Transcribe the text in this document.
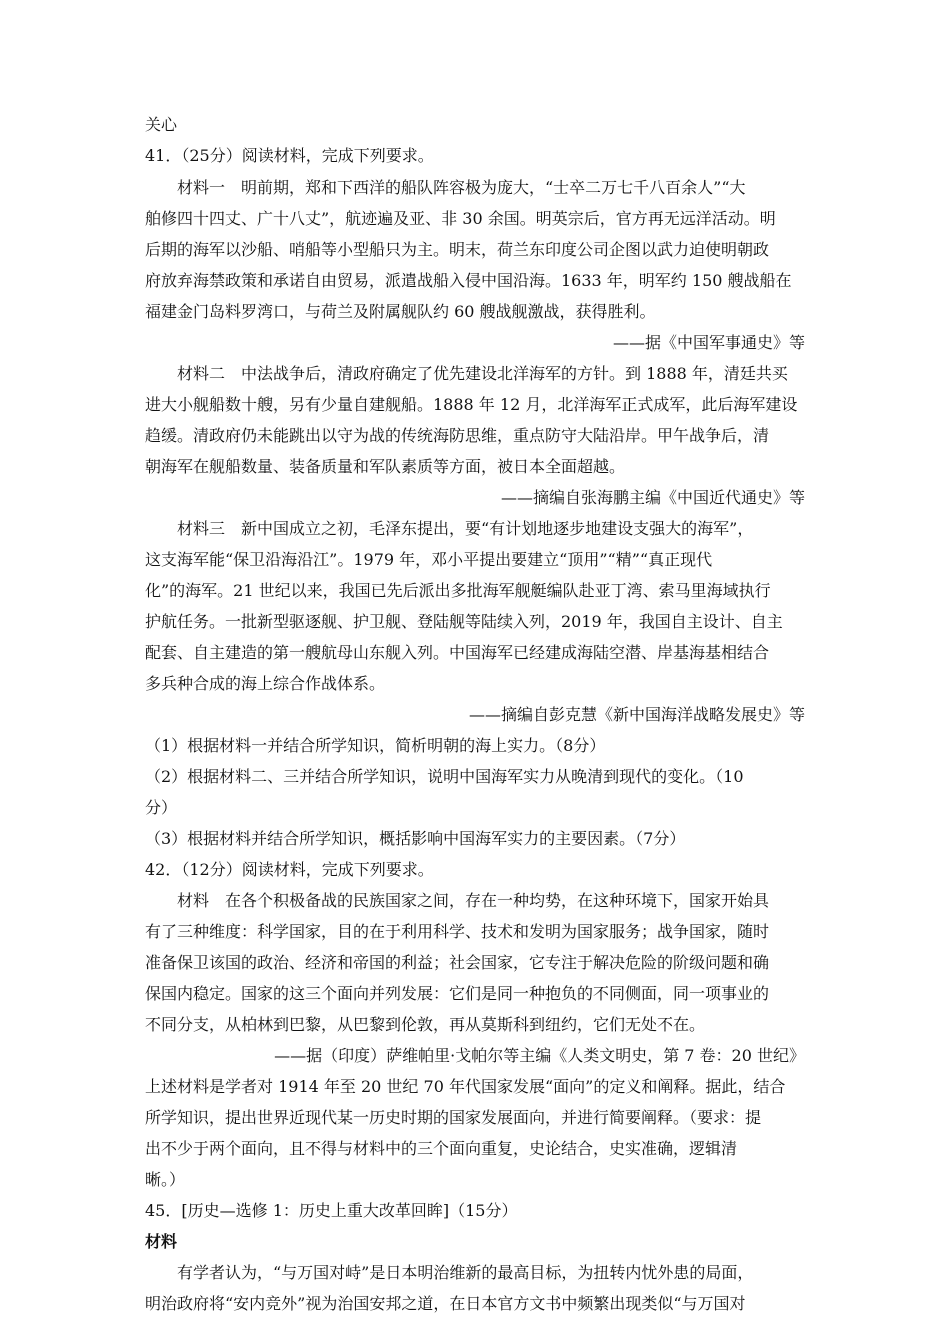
关心
41．（25分）阅读材料，完成下列要求。
材料一　明前期，郑和下西洋的船队阵容极为庞大，“士卒二万七千八百余人”“大
舶修四十四丈、广十八丈”，航迹遍及亚、非 30 余国。明英宗后，官方再无远洋活动。明
后期的海军以沙船、哨船等小型船只为主。明末，荷兰东印度公司企图以武力迫使明朝政
府放弃海禁政策和承诺自由贸易，派遣战船入侵中国沿海。1633 年，明军约 150 艘战船在
福建金门岛料罗湾口，与荷兰及附属舰队约 60 艘战舰激战，获得胜利。
——据《中国军事通史》等
材料二　中法战争后，清政府确定了优先建设北洋海军的方针。到 1888 年，清廷共买
进大小舰船数十艘，另有少量自建舰船。1888 年 12 月，北洋海军正式成军，此后海军建设
趋缓。清政府仍未能跳出以守为战的传统海防思维，重点防守大陆沿岸。甲午战争后，清
朝海军在舰船数量、装备质量和军队素质等方面，被日本全面超越。
——摘编自张海鹏主编《中国近代通史》等
材料三　新中国成立之初，毛泽东提出，要“有计划地逐步地建设支强大的海军”，
这支海军能“保卫沿海沿江”。1979 年，邓小平提出要建立“顶用”“精”“真正现代
化”的海军。21 世纪以来，我国已先后派出多批海军舰艇编队赴亚丁湾、索马里海域执行
护航任务。一批新型驱逐舰、护卫舰、登陆舰等陆续入列，2019 年，我国自主设计、自主
配套、自主建造的第一艘航母山东舰入列。中国海军已经建成海陆空潜、岸基海基相结合
多兵种合成的海上综合作战体系。
——摘编自彭克慧《新中国海洋战略发展史》等
（1）根据材料一并结合所学知识，简析明朝的海上实力。（8分）
（2）根据材料二、三并结合所学知识，说明中国海军实力从晚清到现代的变化。（10
分）
（3）根据材料并结合所学知识，概括影响中国海军实力的主要因素。（7分）
42．（12分）阅读材料，完成下列要求。
材料　在各个积极备战的民族国家之间，存在一种均势，在这种环境下，国家开始具
有了三种维度：科学国家，目的在于利用科学、技术和发明为国家服务；战争国家，随时
准备保卫该国的政治、经济和帝国的利益；社会国家，它专注于解决危险的阶级问题和确
保国内稳定。国家的这三个面向并列发展：它们是同一种抱负的不同侧面，同一项事业的
不同分支，从柏林到巴黎，从巴黎到伦敦，再从莫斯科到纽约，它们无处不在。
——据（印度）萨维帕里·戈帕尔等主编《人类文明史，第 7 卷：20 世纪》
上述材料是学者对 1914 年至 20 世纪 70 年代国家发展“面向”的定义和阐释。据此，结合
所学知识，提出世界近现代某一历史时期的国家发展面向，并进行简要阐释。（要求：提
出不少于两个面向，且不得与材料中的三个面向重复，史论结合，史实准确，逻辑清
晰。）
45．[历史—选修 1：历史上重大改革回眸]（15分）
材料
有学者认为，“与万国对峙”是日本明治维新的最高目标，为扭转内忧外患的局面，
明治政府将“安内竞外”视为治国安邦之道，在日本官方文书中频繁出现类似“与万国对
